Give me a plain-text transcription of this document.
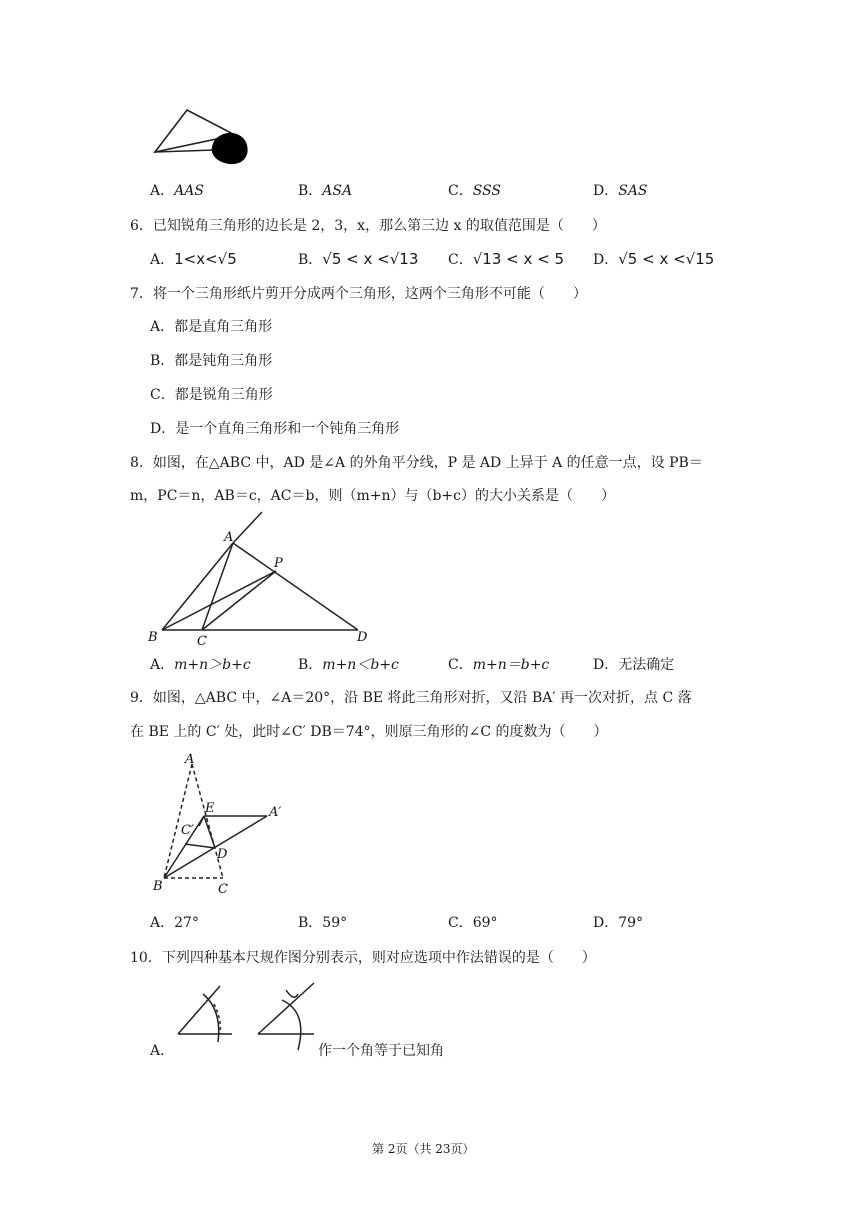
A．AAS	B．ASA	C．SSS	D．SAS
6．已知锐角三角形的边长是 2，3，x，那么第三边 x 的取值范围是（　　）
A．1<x<√5	B．√5 < x <√13 C．√13 < x < 5 D．√5 < x <√15
7．将一个三角形纸片剪开分成两个三角形，这两个三角形不可能（　　）
A．都是直角三角形
B．都是钝角三角形
C．都是锐角三角形
D．是一个直角三角形和一个钝角三角形
8．如图，在△ABC 中，AD 是∠A 的外角平分线，P 是 AD 上异于 A 的任意一点，设 PB＝
m，PC＝n，AB＝c，AC＝b，则（m+n）与（b+c）的大小关系是（　　）
A
P
B	C	D
A．m+n＞b+c	B．m+n＜b+c	C．m+n＝b+c	D．无法确定
9．如图，△ABC 中，∠A＝20°，沿 BE 将此三角形对折，又沿 BA′ 再一次对折，点 C 落
在 BE 上的 C′ 处，此时∠C′ DB＝74°，则原三角形的∠C 的度数为（　　）
A
E	A′
C′
D
B	C
A．27°	B．59°	C．69°	D．79°
10．下列四种基本尺规作图分别表示，则对应选项中作法错误的是（　　）
A．	作一个角等于已知角
第 2页（共 23页）
